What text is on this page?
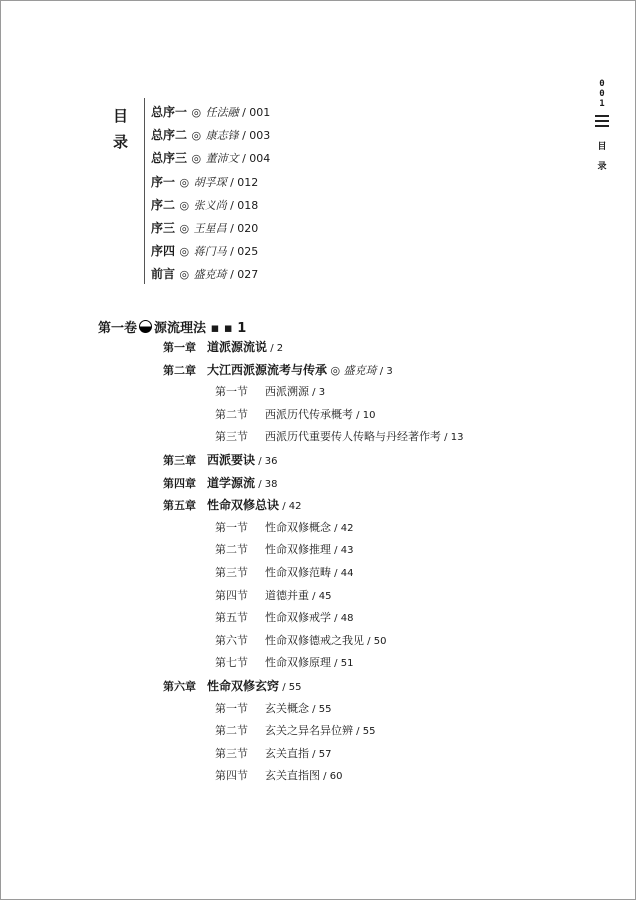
0
0
1
目
录
目
录
总序一 ◎ 任法融 / 001
总序二 ◎ 康志锋 / 003
总序三 ◎ 董沛文 / 004
序一 ◎ 胡孚琛 / 012
序二 ◎ 张义尚 / 018
序三 ◎ 王星昌 / 020
序四 ◎ 蒋门马 / 025
前言 ◎ 盛克琦 / 027
第一卷 源流理法 ▪ ▪ 1
第一章 道派源流说 / 2
第二章 大江西派源流考与传承 ◎ 盛克琦 / 3
第一节 西派溯源 / 3
第二节 西派历代传承概考 / 10
第三节 西派历代重要传人传略与丹经著作考 / 13
第三章 西派要诀 / 36
第四章 道学源流 / 38
第五章 性命双修总诀 / 42
第一节 性命双修概念 / 42
第二节 性命双修推理 / 43
第三节 性命双修范畴 / 44
第四节 道德并重 / 45
第五节 性命双修戒学 / 48
第六节 性命双修德戒之我见 / 50
第七节 性命双修原理 / 51
第六章 性命双修玄窍 / 55
第一节 玄关概念 / 55
第二节 玄关之异名异位辨 / 55
第三节 玄关直指 / 57
第四节 玄关直指图 / 60
